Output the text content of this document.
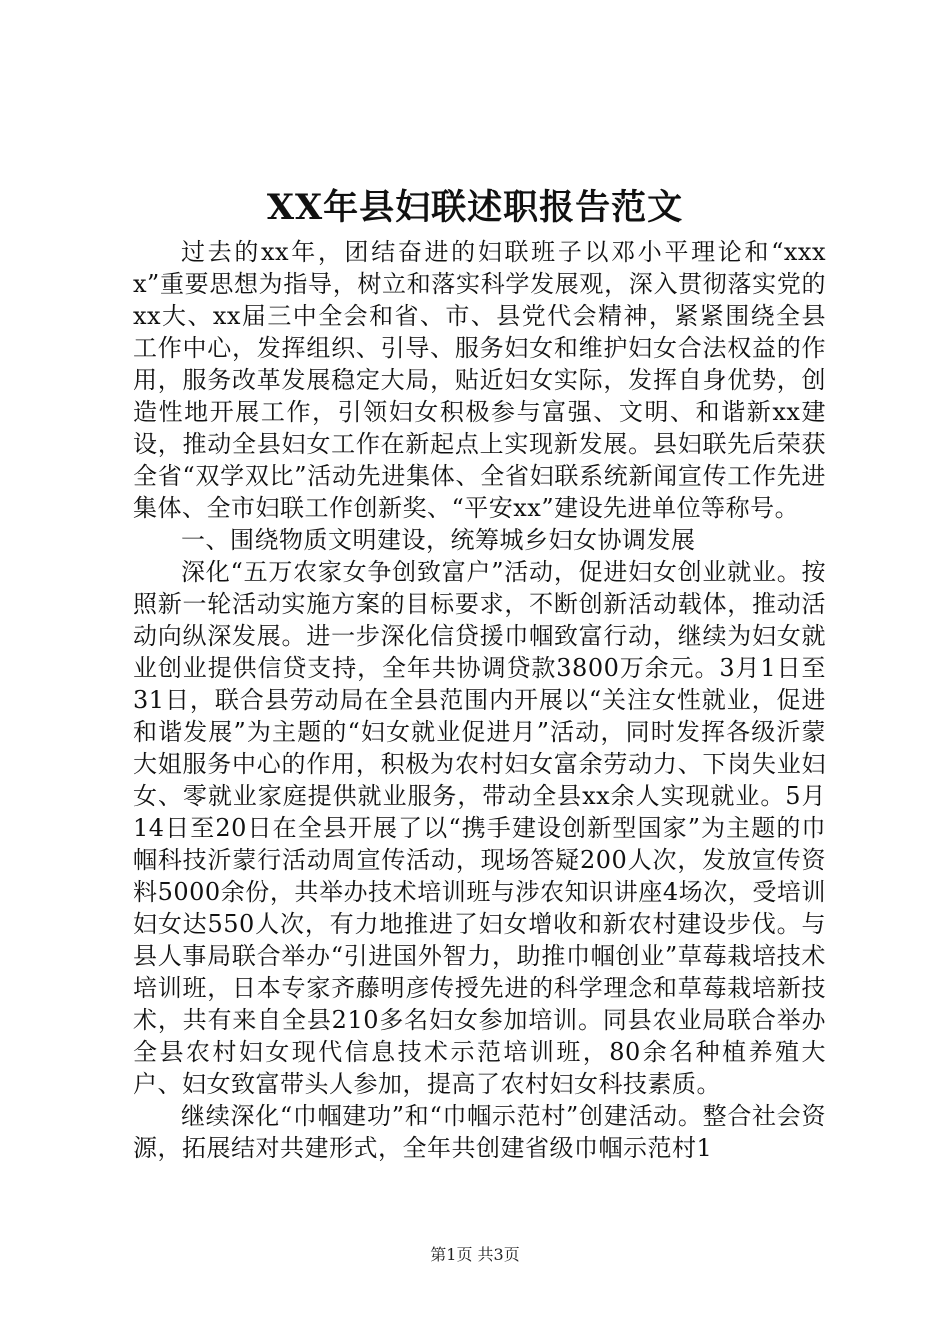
XX年县妇联述职报告范文

过去的xx年，团结奋进的妇联班子以邓小平理论和“xxxx”重要思想为指导，树立和落实科学发展观，深入贯彻落实党的xx大、xx届三中全会和省、市、县党代会精神，紧紧围绕全县工作中心，发挥组织、引导、服务妇女和维护妇女合法权益的作用，服务改革发展稳定大局，贴近妇女实际，发挥自身优势，创造性地开展工作，引领妇女积极参与富强、文明、和谐新xx建设，推动全县妇女工作在新起点上实现新发展。县妇联先后荣获全省“双学双比”活动先进集体、全省妇联系统新闻宣传工作先进集体、全市妇联工作创新奖、“平安xx”建设先进单位等称号。

一、围绕物质文明建设，统筹城乡妇女协调发展

深化“五万农家女争创致富户”活动，促进妇女创业就业。按照新一轮活动实施方案的目标要求，不断创新活动载体，推动活动向纵深发展。进一步深化信贷援巾帼致富行动，继续为妇女就业创业提供信贷支持，全年共协调贷款3800万余元。3月1日至31日，联合县劳动局在全县范围内开展以“关注女性就业，促进和谐发展”为主题的“妇女就业促进月”活动，同时发挥各级沂蒙大姐服务中心的作用，积极为农村妇女富余劳动力、下岗失业妇女、零就业家庭提供就业服务，带动全县xx余人实现就业。5月14日至20日在全县开展了以“携手建设创新型国家”为主题的巾帼科技沂蒙行活动周宣传活动，现场答疑200人次，发放宣传资料5000余份，共举办技术培训班与涉农知识讲座4场次，受培训妇女达550人次，有力地推进了妇女增收和新农村建设步伐。与县人事局联合举办“引进国外智力，助推巾帼创业”草莓栽培技术培训班，日本专家齐藤明彦传授先进的科学理念和草莓栽培新技术，共有来自全县210多名妇女参加培训。同县农业局联合举办全县农村妇女现代信息技术示范培训班，80余名种植养殖大户、妇女致富带头人参加，提高了农村妇女科技素质。

继续深化“巾帼建功”和“巾帼示范村”创建活动。整合社会资源，拓展结对共建形式，全年共创建省级巾帼示范村1

第1页 共3页
